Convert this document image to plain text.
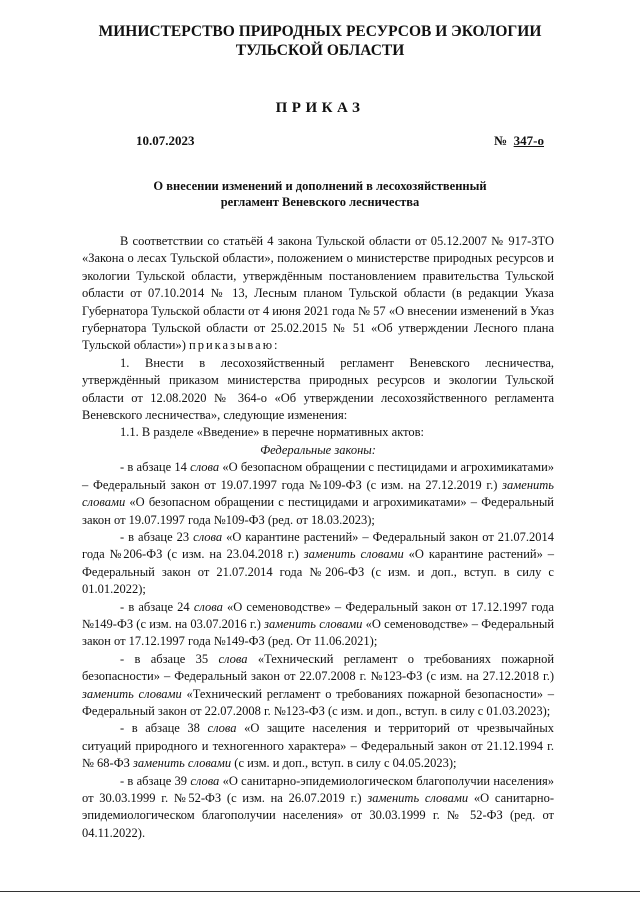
МИНИСТЕРСТВО ПРИРОДНЫХ РЕСУРСОВ И ЭКОЛОГИИ
ТУЛЬСКОЙ ОБЛАСТИ

ПРИКАЗ

10.07.2023	№ 347-о

О внесении изменений и дополнений в лесохозяйственный
регламент Веневского лесничества

В соответствии со статьёй 4 закона Тульской области от 05.12.2007 № 917-ЗТО «Закона о лесах Тульской области», положением о министерстве природных ресурсов и экологии Тульской области, утверждённым постановлением правительства Тульской области от 07.10.2014 № 13, Лесным планом Тульской области (в редакции Указа Губернатора Тульской области от 4 июня 2021 года № 57 «О внесении изменений в Указ губернатора Тульской области от 25.02.2015 № 51 «Об утверждении Лесного плана Тульской области») приказываю:

1. Внести в лесохозяйственный регламент Веневского лесничества, утверждённый приказом министерства природных ресурсов и экологии Тульской области от 12.08.2020 № 364-о «Об утверждении лесохозяйственного регламента Веневского лесничества», следующие изменения:

1.1. В разделе «Введение» в перечне нормативных актов:

Федеральные законы:

- в абзаце 14 слова «О безопасном обращении с пестицидами и агрохимикатами» – Федеральный закон от 19.07.1997 года №109-ФЗ (с изм. на 27.12.2019 г.) заменить словами «О безопасном обращении с пестицидами и агрохимикатами» – Федеральный закон от 19.07.1997 года №109-ФЗ (ред. от 18.03.2023);

- в абзаце 23 слова «О карантине растений» – Федеральный закон от 21.07.2014 года №206-ФЗ (с изм. на 23.04.2018 г.) заменить словами «О карантине растений» – Федеральный закон от 21.07.2014 года №206-ФЗ (с изм. и доп., вступ. в силу с 01.01.2022);

- в абзаце 24 слова «О семеноводстве» – Федеральный закон от 17.12.1997 года №149-ФЗ (с изм. на 03.07.2016 г.) заменить словами «О семеноводстве» – Федеральный закон от 17.12.1997 года №149-ФЗ (ред. От 11.06.2021);

- в абзаце 35 слова «Технический регламент о требованиях пожарной безопасности» – Федеральный закон от 22.07.2008 г. №123-ФЗ (с изм. на 27.12.2018 г.) заменить словами «Технический регламент о требованиях пожарной безопасности» – Федеральный закон от 22.07.2008 г. №123-ФЗ (с изм. и доп., вступ. в силу с 01.03.2023);

- в абзаце 38 слова «О защите населения и территорий от чрезвычайных ситуаций природного и техногенного характера» – Федеральный закон от 21.12.1994 г. № 68-ФЗ заменить словами (с изм. и доп., вступ. в силу с 04.05.2023);

- в абзаце 39 слова «О санитарно-эпидемиологическом благополучии населения» от 30.03.1999 г. №52-ФЗ (с изм. на 26.07.2019 г.) заменить словами «О санитарно-эпидемиологическом благополучии населения» от 30.03.1999 г. № 52-ФЗ (ред. от 04.11.2022).
